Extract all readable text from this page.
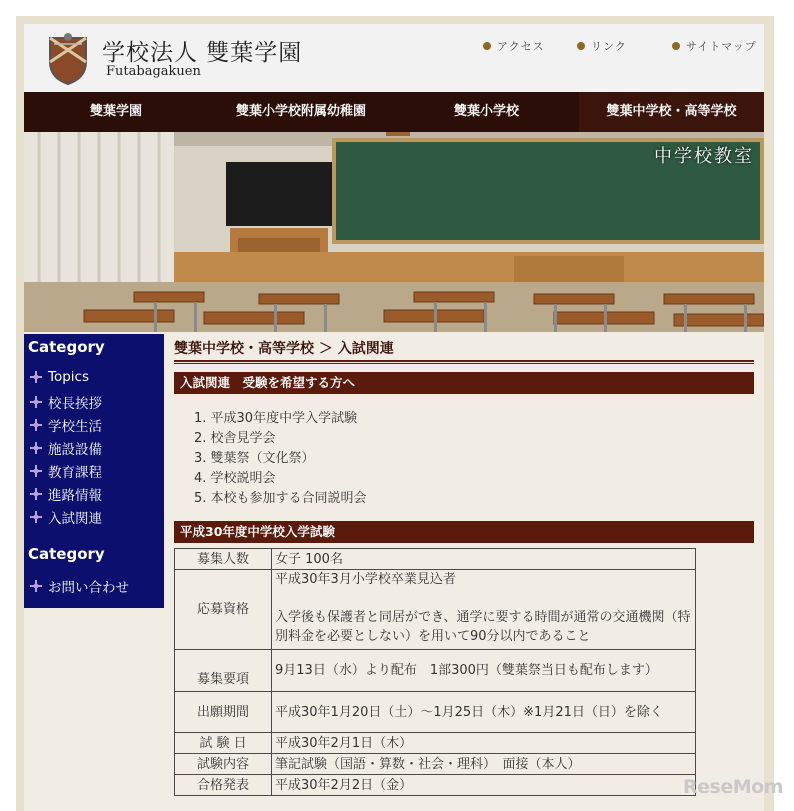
学校法人 雙葉学園
Futabagakuen
アクセス	リンク	サイトマップ
雙葉学園	雙葉小学校附属幼稚園	雙葉小学校	雙葉中学校・高等学校
中学校教室
Category
Topics
校長挨拶
学校生活
施設設備
教育課程
進路情報
入試関連
Category
お問い合わせ
雙葉中学校・高等学校 ＞ 入試関連
入試関連　受験を希望する方へ
1. 平成30年度中学入学試験
2. 校舎見学会
3. 雙葉祭（文化祭）
4. 学校説明会
5. 本校も参加する合同説明会
平成30年度中学校入学試験
募集人数	女子 100名
応募資格	平成30年3月小学校卒業見込者
入学後も保護者と同居ができ、通学に要する時間が通常の交通機関（特別料金を必要としない）を用いて90分以内であること

募集要項	9月13日（水）より配布　1部300円（雙葉祭当日も配布します）
出願期間	平成30年1月20日（土）～1月25日（木）※1月21日（日）を除く
試 験 日	平成30年2月1日（木）
試験内容	筆記試験（国語・算数・社会・理科）　面接（本人）
合格発表	平成30年2月2日（金）	ReseMom
